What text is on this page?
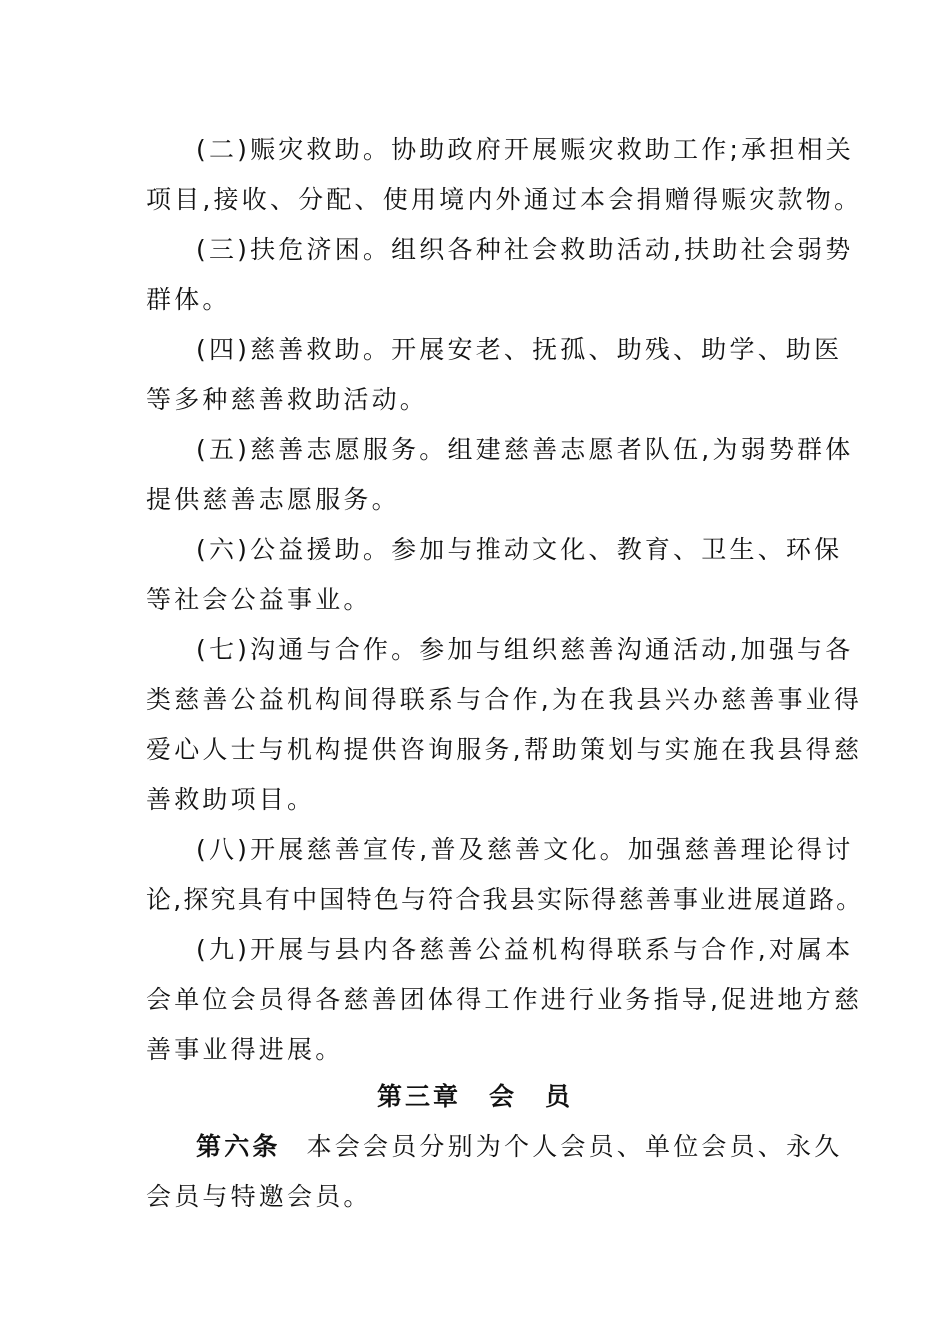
(二)赈灾救助。协助政府开展赈灾救助工作;承担相关
项目,接收、分配、使用境内外通过本会捐赠得赈灾款物。
(三)扶危济困。组织各种社会救助活动,扶助社会弱势
群体。
(四)慈善救助。开展安老、抚孤、助残、助学、助医
等多种慈善救助活动。
(五)慈善志愿服务。组建慈善志愿者队伍,为弱势群体
提供慈善志愿服务。
(六)公益援助。参加与推动文化、教育、卫生、环保
等社会公益事业。
(七)沟通与合作。参加与组织慈善沟通活动,加强与各
类慈善公益机构间得联系与合作,为在我县兴办慈善事业得
爱心人士与机构提供咨询服务,帮助策划与实施在我县得慈
善救助项目。
(八)开展慈善宣传,普及慈善文化。加强慈善理论得讨
论,探究具有中国特色与符合我县实际得慈善事业进展道路。
(九)开展与县内各慈善公益机构得联系与合作,对属本
会单位会员得各慈善团体得工作进行业务指导,促进地方慈
善事业得进展。
第三章　会　员
第六条 本会会员分别为个人会员、单位会员、永久
会员与特邀会员。
